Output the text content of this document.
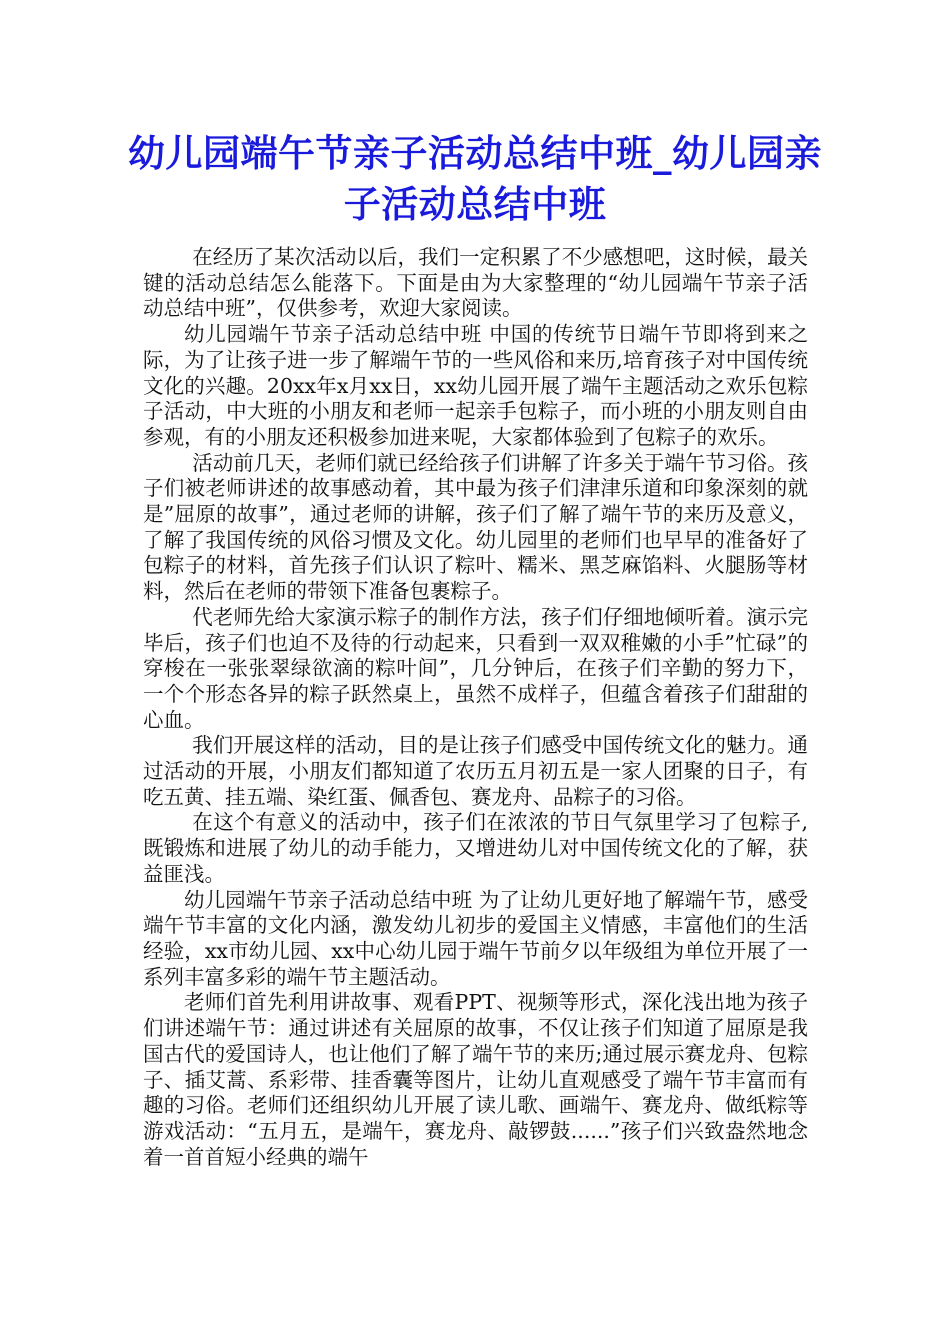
幼儿园端午节亲子活动总结中班_幼儿园亲子活动总结中班

在经历了某次活动以后，我们一定积累了不少感想吧，这时候，最关键的活动总结怎么能落下。下面是由为大家整理的“幼儿园端午节亲子活动总结中班”，仅供参考，欢迎大家阅读。

幼儿园端午节亲子活动总结中班 中国的传统节日端午节即将到来之际，为了让孩子进一步了解端午节的一些风俗和来历,培育孩子对中国传统文化的兴趣。20xx年x月xx日，xx幼儿园开展了端午主题活动之欢乐包粽子活动，中大班的小朋友和老师一起亲手包粽子，而小班的小朋友则自由参观，有的小朋友还积极参加进来呢，大家都体验到了包粽子的欢乐。

活动前几天，老师们就已经给孩子们讲解了许多关于端午节习俗。孩子们被老师讲述的故事感动着，其中最为孩子们津津乐道和印象深刻的就是”屈原的故事”，通过老师的讲解，孩子们了解了端午节的来历及意义，了解了我国传统的风俗习惯及文化。幼儿园里的老师们也早早的准备好了包粽子的材料，首先孩子们认识了粽叶、糯米、黑芝麻馅料、火腿肠等材料，然后在老师的带领下准备包裹粽子。

代老师先给大家演示粽子的制作方法，孩子们仔细地倾听着。演示完毕后，孩子们也迫不及待的行动起来，只看到一双双稚嫩的小手”忙碌”的穿梭在一张张翠绿欲滴的粽叶间”，几分钟后，在孩子们辛勤的努力下，一个个形态各异的粽子跃然桌上，虽然不成样子，但蕴含着孩子们甜甜的心血。

我们开展这样的活动，目的是让孩子们感受中国传统文化的魅力。通过活动的开展，小朋友们都知道了农历五月初五是一家人团聚的日子，有吃五黄、挂五端、染红蛋、佩香包、赛龙舟、品粽子的习俗。

在这个有意义的活动中，孩子们在浓浓的节日气氛里学习了包粽子,既锻炼和进展了幼儿的动手能力，又增进幼儿对中国传统文化的了解，获益匪浅。

幼儿园端午节亲子活动总结中班 为了让幼儿更好地了解端午节，感受端午节丰富的文化内涵，激发幼儿初步的爱国主义情感，丰富他们的生活经验，xx市幼儿园、xx中心幼儿园于端午节前夕以年级组为单位开展了一系列丰富多彩的端午节主题活动。

老师们首先利用讲故事、观看PPT、视频等形式，深化浅出地为孩子们讲述端午节：通过讲述有关屈原的故事，不仅让孩子们知道了屈原是我国古代的爱国诗人，也让他们了解了端午节的来历;通过展示赛龙舟、包粽子、插艾蒿、系彩带、挂香囊等图片，让幼儿直观感受了端午节丰富而有趣的习俗。老师们还组织幼儿开展了读儿歌、画端午、赛龙舟、做纸粽等游戏活动：“五月五，是端午，赛龙舟、敲锣鼓......”孩子们兴致盎然地念着一首首短小经典的端午
